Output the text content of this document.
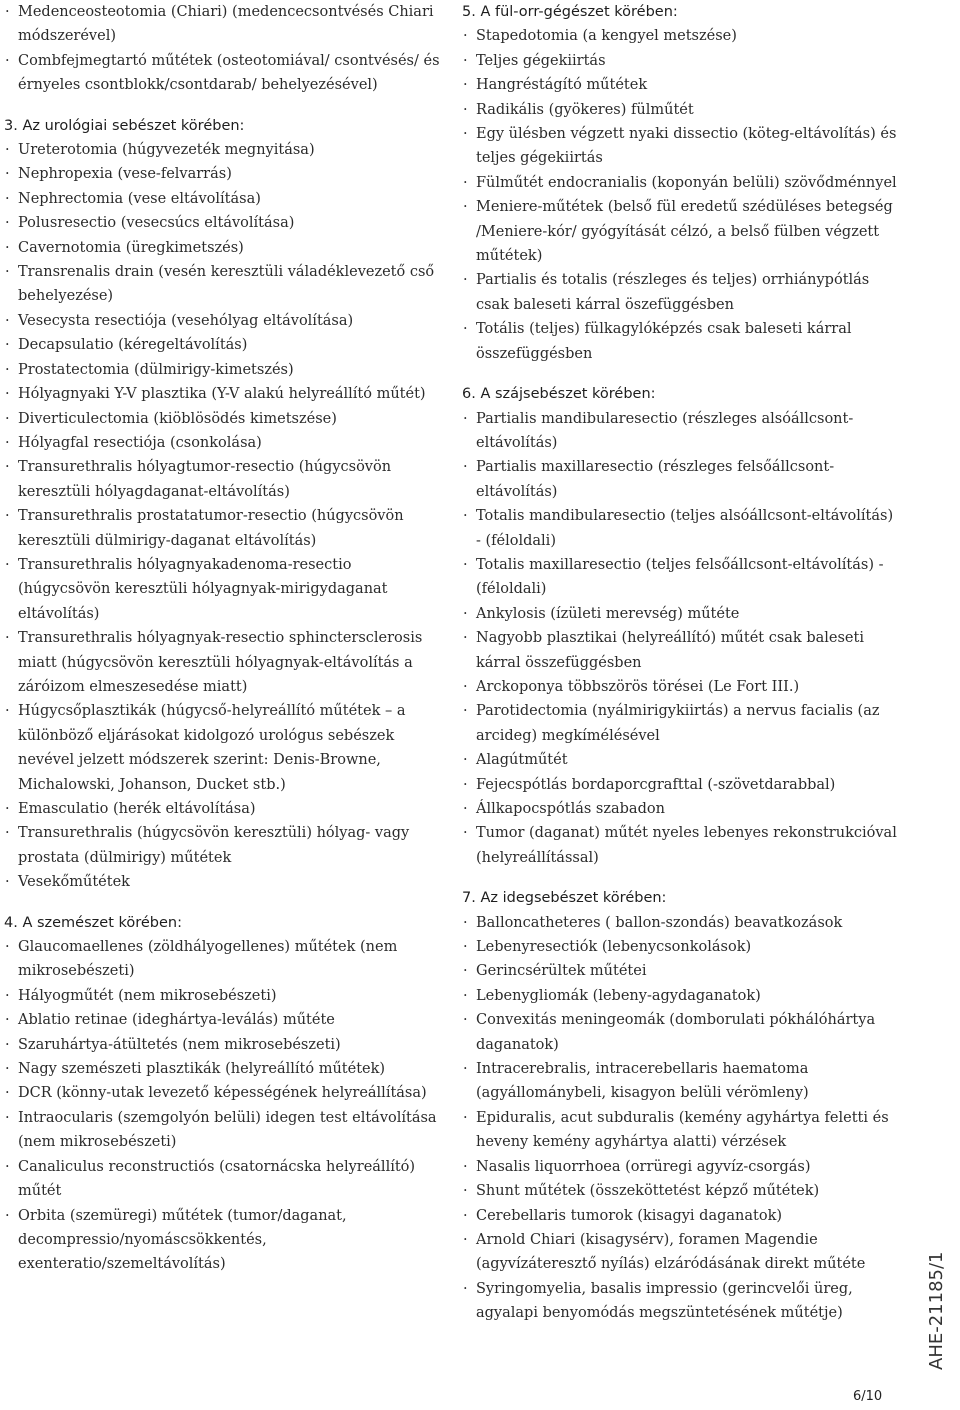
· Medenceosteotomia (Chiari) (medencecsontvésés Chiari módszerével)
· Combfejmegtartó műtétek (osteotomiával/ csontvésés/ és érnyeles csontblokk/csontdarab/ behelyezésével)
3. Az urológiai sebészet körében:
· Ureterotomia (húgyvezeték megnyitása)
· Nephropexia (vese-felvarrás)
· Nephrectomia (vese eltávolítása)
· Polusresectio (vesecsúcs eltávolítása)
· Cavernotomia (üregkimetszés)
· Transrenalis drain (vesén keresztüli váladéklevezető cső behelyezése)
· Vesecysta resectiója (vesehólyag eltávolítása)
· Decapsulatio (kéregeltávolítás)
· Prostatectomia (dülmirigy-kimetszés)
· Hólyagnyaki Y-V plasztika (Y-V alakú helyreállító műtét)
· Diverticulectomia (kiöblösödés kimetszése)
· Hólyagfal resectiója (csonkolása)
· Transurethralis hólyagtumor-resectio (húgycsövön keresztüli hólyagdaganat-eltávolítás)
· Transurethralis prostatatumor-resectio (húgycsövön keresztüli dülmirigy-daganat eltávolítás)
· Transurethralis hólyagnyakadenoma-resectio (húgycsövön keresztüli hólyagnyak-mirigydaganat eltávolítás)
· Transurethralis hólyagnyak-resectio sphinctersclerosis miatt (húgycsövön keresztüli hólyagnyak-eltávolítás a záróizom elmeszesedése miatt)
· Húgycsőplasztikák (húgycső-helyreállító műtétek – a különböző eljárásokat kidolgozó urológus sebészek nevével jelzett módszerek szerint: Denis-Browne, Michalowski, Johanson, Ducket stb.)
· Emasculatio (herék eltávolítása)
· Transurethralis (húgycsövön keresztüli) hólyag- vagy prostata (dülmirigy) műtétek
· Vesekőműtétek
4. A szemészet körében:
· Glaucomaellenes (zöldhályogellenes) műtétek (nem mikrosebészeti)
· Hályogműtét (nem mikrosebészeti)
· Ablatio retinae (ideghártya-leválás) műtéte
· Szaruhártya-átültetés (nem mikrosebészeti)
· Nagy szemészeti plasztikák (helyreállító műtétek)
· DCR (könny-utak levezető képességének helyreállítása)
· Intraocularis (szemgolyón belüli) idegen test eltávolítása (nem mikrosebészeti)
· Canaliculus reconstructiós (csatornácska helyreállító) műtét
· Orbita (szemüregi) műtétek (tumor/daganat, decompressio/nyomáscsökkentés, exenteratio/szemeltávolítás)
5. A fül-orr-gégészet körében:
· Stapedotomia (a kengyel metszése)
· Teljes gégekiirtás
· Hangréstágító műtétek
· Radikális (gyökeres) fülműtét
· Egy ülésben végzett nyaki dissectio (köteg-eltávolítás) és teljes gégekiirtás
· Fülműtét endocranialis (koponyán belüli) szövődménnyel
· Meniere-műtétek (belső fül eredetű szédüléses betegség /Meniere-kór/ gyógyítását célzó, a belső fülben végzett műtétek)
· Partialis és totalis (részleges és teljes) orrhiánypótlás csak baleseti kárral öszefüggésben
· Totális (teljes) fülkagylóképzés csak baleseti kárral összefüggésben
6. A szájsebészet körében:
· Partialis mandibularesectio (részleges alsóállcsont-eltávolítás)
· Partialis maxillaresectio (részleges felsőállcsont-eltávolítás)
· Totalis mandibularesectio (teljes alsóállcsont-eltávolítás) - (féloldali)
· Totalis maxillaresectio (teljes felsőállcsont-eltávolítás) - (féloldali)
· Ankylosis (ízületi merevség) műtéte
· Nagyobb plasztikai (helyreállító) műtét csak baleseti kárral összefüggésben
· Arckoponya többszörös törései (Le Fort III.)
· Parotidectomia (nyálmirigykiirtás) a nervus facialis (az arcideg) megkímélésével
· Alagútműtét
· Fejecspótlás bordaporcgrafttal (-szövetdarabbal)
· Állkapocspótlás szabadon
· Tumor (daganat) műtét nyeles lebenyes rekonstrukcióval (helyreállítással)
7. Az idegsebészet körében:
· Balloncatheteres ( ballon-szondás) beavatkozások
· Lebenyresectiók (lebenycsonkolások)
· Gerincsérültek műtétei
· Lebenygliomák (lebeny-agydaganatok)
· Convexitás meningeomák (domborulati pókhálóhártya daganatok)
· Intracerebralis, intracerebellaris haematoma (agyállománybeli, kisagyon belüli vérömleny)
· Epiduralis, acut subduralis (kemény agyhártya feletti és heveny kemény agyhártya alatti) vérzések
· Nasalis liquorrhoea (orrüregi agyvíz-csorgás)
· Shunt műtétek (összeköttetést képző műtétek)
· Cerebellaris tumorok (kisagyi daganatok)
· Arnold Chiari (kisagysérv), foramen Magendie (agyvízáteresztő nyílás) elzáródásának direkt műtéte
· Syringomyelia, basalis impressio (gerincvelői üreg, agyalapi benyomódás megszüntetésének műtétje)	AHE-21185/1
6/10
